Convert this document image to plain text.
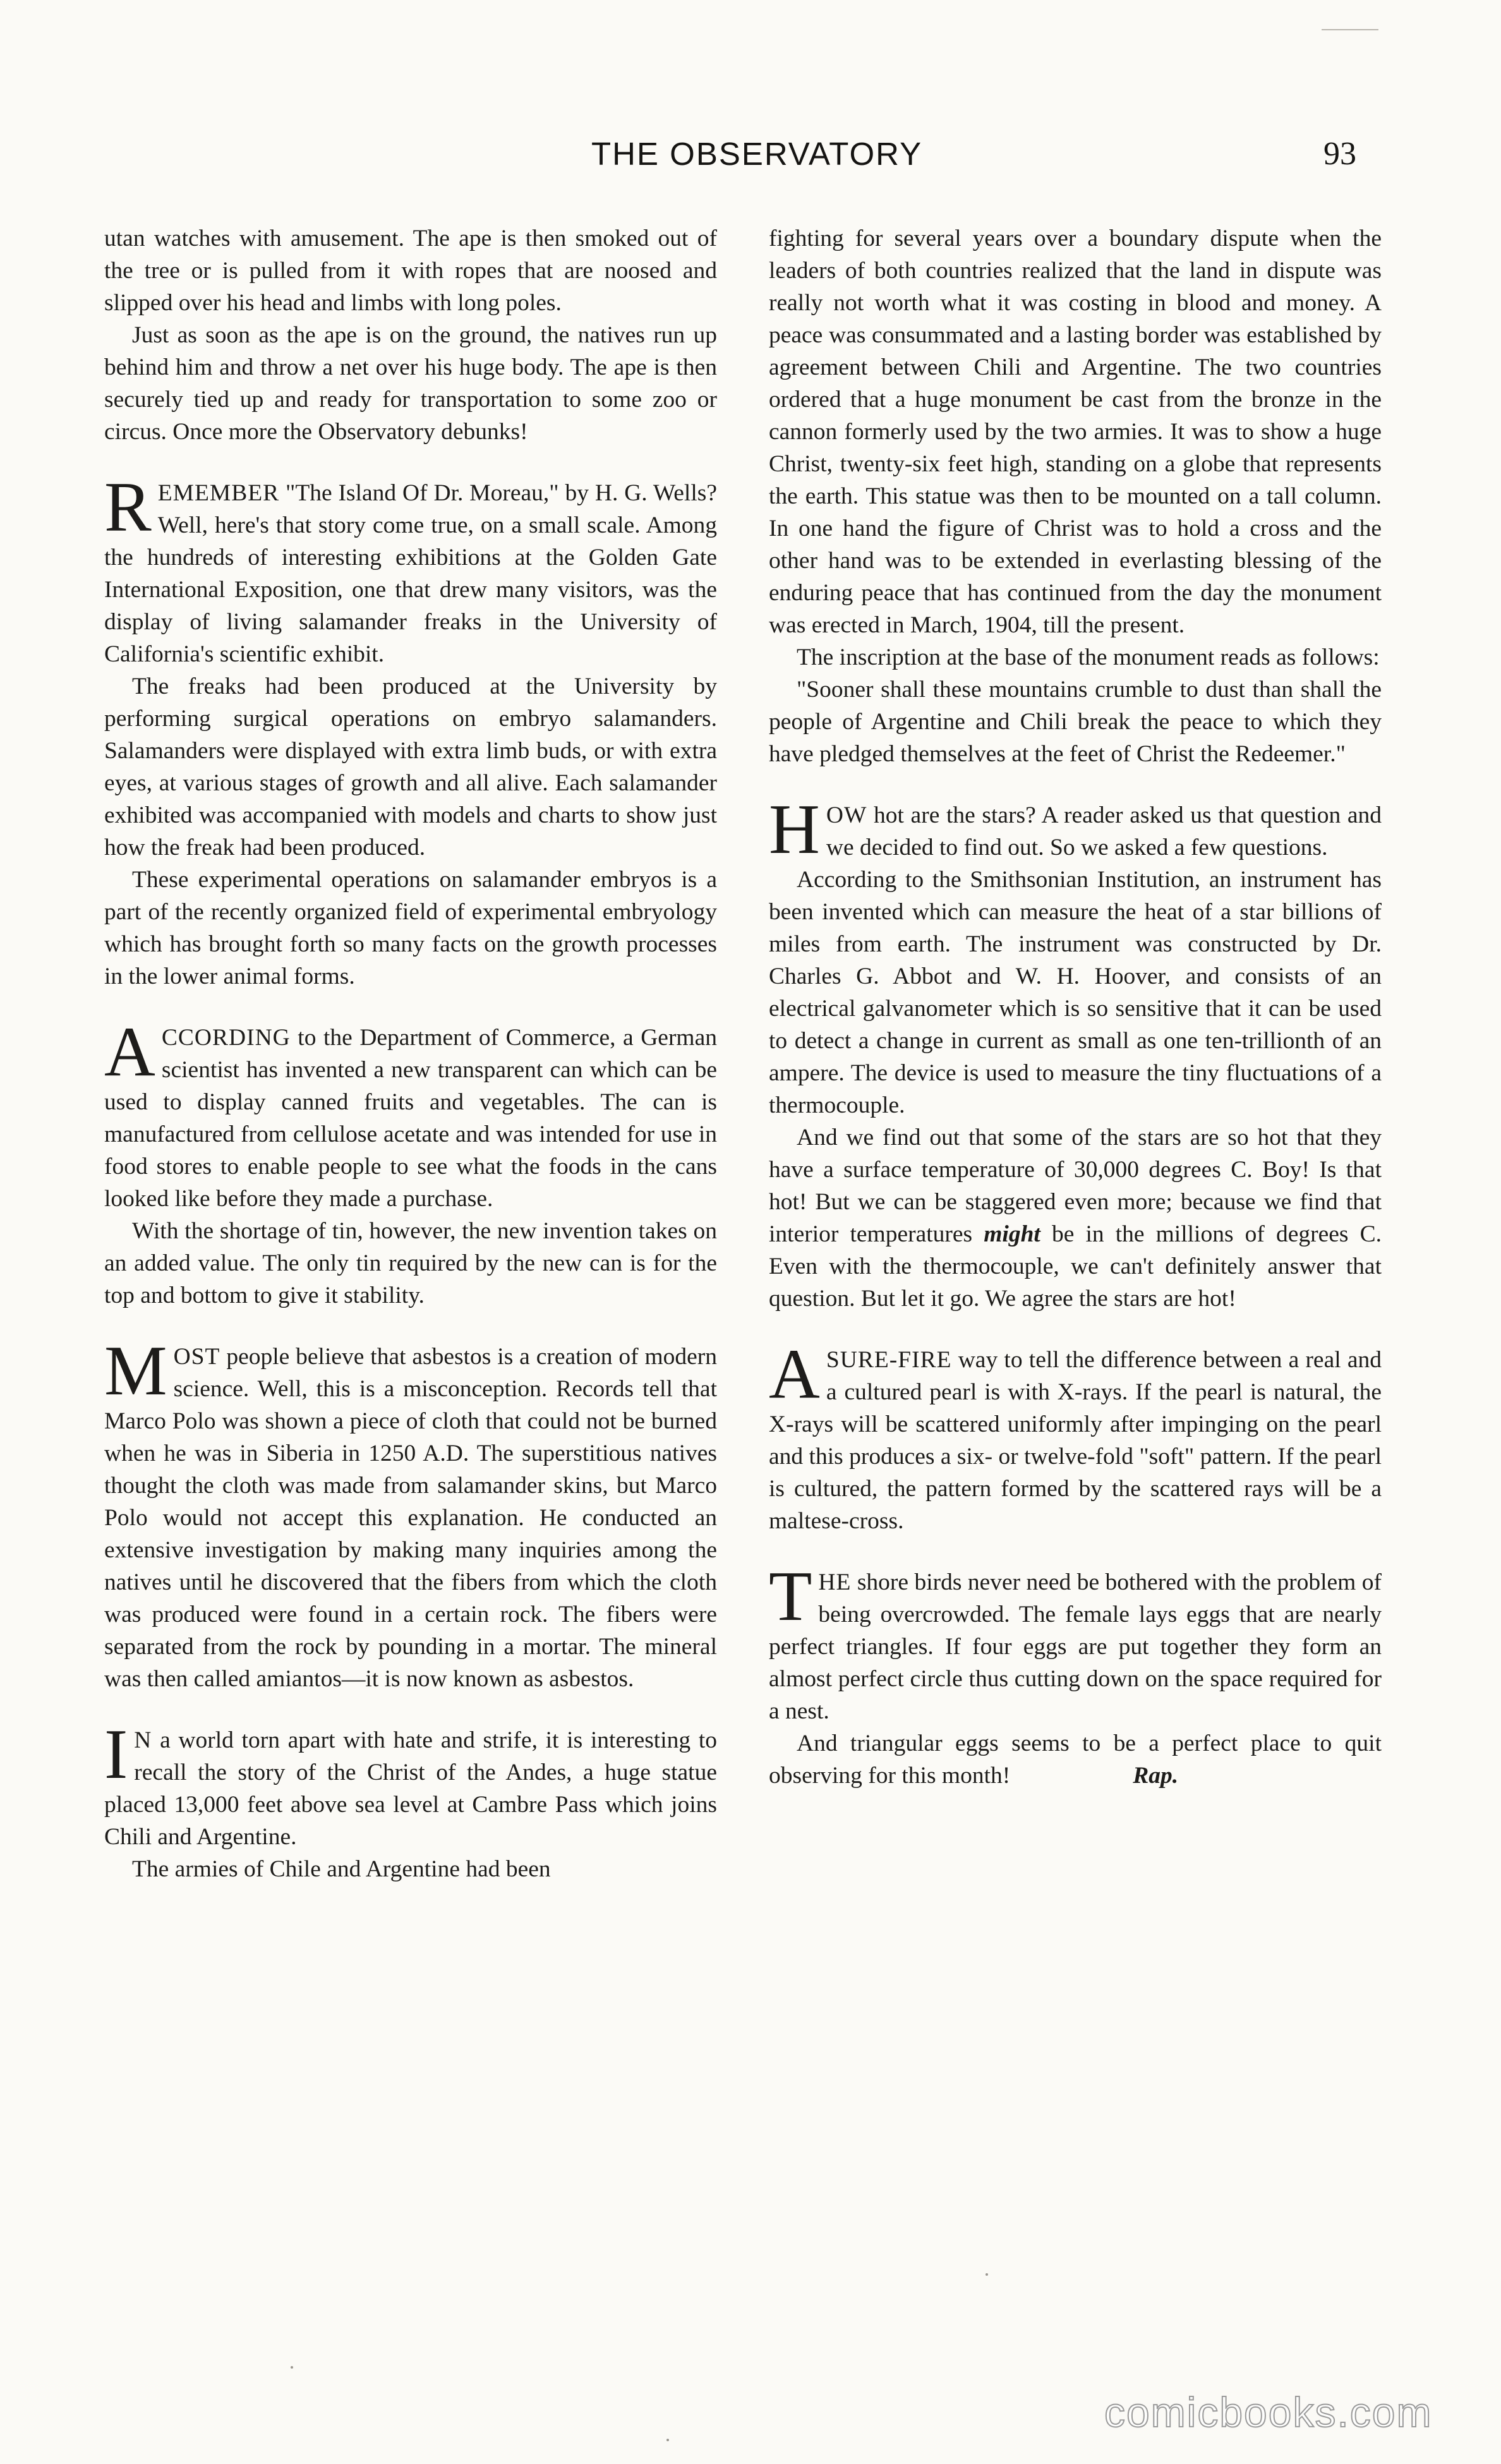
THE OBSERVATORY	93

utan watches with amusement. The ape is then smoked out of the tree or is pulled from it with ropes that are noosed and slipped over his head and limbs with long poles.

Just as soon as the ape is on the ground, the natives run up behind him and throw a net over his huge body. The ape is then securely tied up and ready for transportation to some zoo or circus. Once more the Observatory debunks!

REMEMBER "The Island Of Dr. Moreau," by H. G. Wells? Well, here's that story come true, on a small scale. Among the hundreds of interesting exhibitions at the Golden Gate International Exposition, one that drew many visitors, was the display of living salamander freaks in the University of California's scientific exhibit.

The freaks had been produced at the University by performing surgical operations on embryo salamanders. Salamanders were displayed with extra limb buds, or with extra eyes, at various stages of growth and all alive. Each salamander exhibited was accompanied with models and charts to show just how the freak had been produced.

These experimental operations on salamander embryos is a part of the recently organized field of experimental embryology which has brought forth so many facts on the growth processes in the lower animal forms.

ACCORDING to the Department of Commerce, a German scientist has invented a new transparent can which can be used to display canned fruits and vegetables. The can is manufactured from cellulose acetate and was intended for use in food stores to enable people to see what the foods in the cans looked like before they made a purchase.

With the shortage of tin, however, the new invention takes on an added value. The only tin required by the new can is for the top and bottom to give it stability.

MOST people believe that asbestos is a creation of modern science. Well, this is a misconception. Records tell that Marco Polo was shown a piece of cloth that could not be burned when he was in Siberia in 1250 A.D. The superstitious natives thought the cloth was made from salamander skins, but Marco Polo would not accept this explanation. He conducted an extensive investigation by making many inquiries among the natives until he discovered that the fibers from which the cloth was produced were found in a certain rock. The fibers were separated from the rock by pounding in a mortar. The mineral was then called amiantos—it is now known as asbestos.

I N a world torn apart with hate and strife, it is interesting to recall the story of the Christ of the Andes, a huge statue placed 13,000 feet above sea level at Cambre Pass which joins Chili and Argentine.

The armies of Chile and Argentine had been

fighting for several years over a boundary dispute when the leaders of both countries realized that the land in dispute was really not worth what it was costing in blood and money. A peace was consummated and a lasting border was established by agreement between Chili and Argentine. The two countries ordered that a huge monument be cast from the bronze in the cannon formerly used by the two armies. It was to show a huge Christ, twenty-six feet high, standing on a globe that represents the earth. This statue was then to be mounted on a tall column. In one hand the figure of Christ was to hold a cross and the other hand was to be extended in everlasting blessing of the enduring peace that has continued from the day the monument was erected in March, 1904, till the present.

The inscription at the base of the monument reads as follows:

"Sooner shall these mountains crumble to dust than shall the people of Argentine and Chili break the peace to which they have pledged themselves at the feet of Christ the Redeemer."

HOW hot are the stars? A reader asked us that question and we decided to find out. So we asked a few questions.

According to the Smithsonian Institution, an instrument has been invented which can measure the heat of a star billions of miles from earth. The instrument was constructed by Dr. Charles G. Abbot and W. H. Hoover, and consists of an electrical galvanometer which is so sensitive that it can be used to detect a change in current as small as one ten-trillionth of an ampere. The device is used to measure the tiny fluctuations of a thermocouple.

And we find out that some of the stars are so hot that they have a surface temperature of 30,000 degrees C. Boy! Is that hot! But we can be staggered even more; because we find that interior temperatures might be in the millions of degrees C. Even with the thermocouple, we can't definitely answer that question. But let it go. We agree the stars are hot!

ASURE-FIRE way to tell the difference between a real and a cultured pearl is with X-rays. If the pearl is natural, the X-rays will be scattered uniformly after impinging on the pearl and this produces a six- or twelve-fold "soft" pattern. If the pearl is cultured, the pattern formed by the scattered rays will be a maltese-cross.

THE shore birds never need be bothered with the problem of being overcrowded. The female lays eggs that are nearly perfect triangles. If four eggs are put together they form an almost perfect circle thus cutting down on the space required for a nest.

And triangular eggs seems to be a perfect place to quit observing for this month!	Rap.

comicbooks.com
